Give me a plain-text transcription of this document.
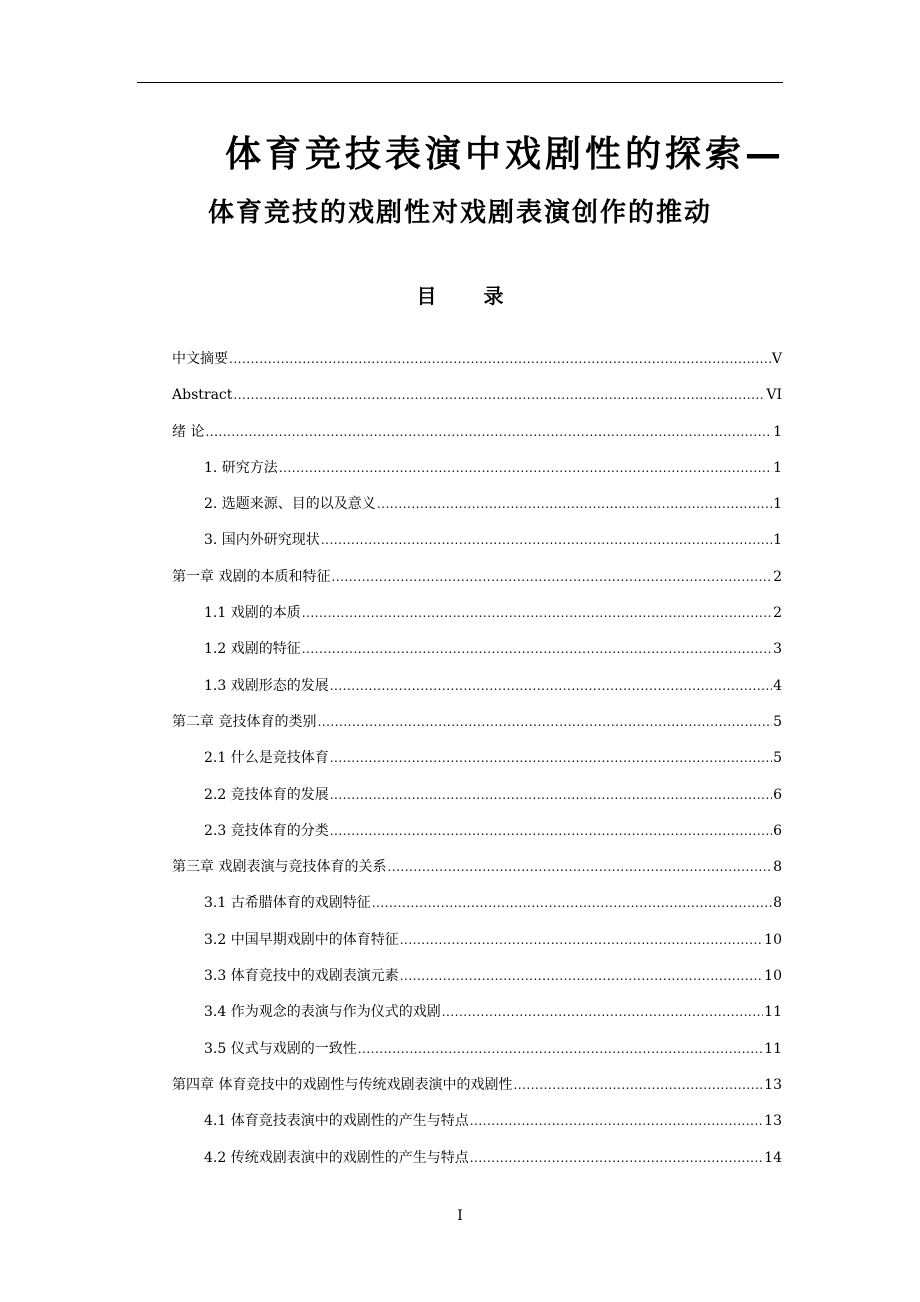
体育竞技表演中戏剧性的探索—
体育竞技的戏剧性对戏剧表演创作的推动
目 录
中文摘要 .....	V
Abstract .....	VI
绪 论 .....	1
1. 研究方法 .....	1
2. 选题来源、目的以及意义 .....	1
3. 国内外研究现状 .....	1
第一章 戏剧的本质和特征 .....	2
1.1 戏剧的本质 .....	2
1.2 戏剧的特征 .....	3
1.3 戏剧形态的发展 .....	4
第二章 竞技体育的类别 .....	5
2.1 什么是竞技体育 .....	5
2.2 竞技体育的发展 .....	6
2.3 竞技体育的分类 .....	6
第三章 戏剧表演与竞技体育的关系 .....	8
3.1 古希腊体育的戏剧特征 .....	8
3.2 中国早期戏剧中的体育特征 .....	10
3.3 体育竞技中的戏剧表演元素 .....	10
3.4 作为观念的表演与作为仪式的戏剧 .....	11
3.5 仪式与戏剧的一致性 .....	11
第四章 体育竞技中的戏剧性与传统戏剧表演中的戏剧性 .....	13
4.1 体育竞技表演中的戏剧性的产生与特点 .....	13
4.2 传统戏剧表演中的戏剧性的产生与特点 .....	14
I
